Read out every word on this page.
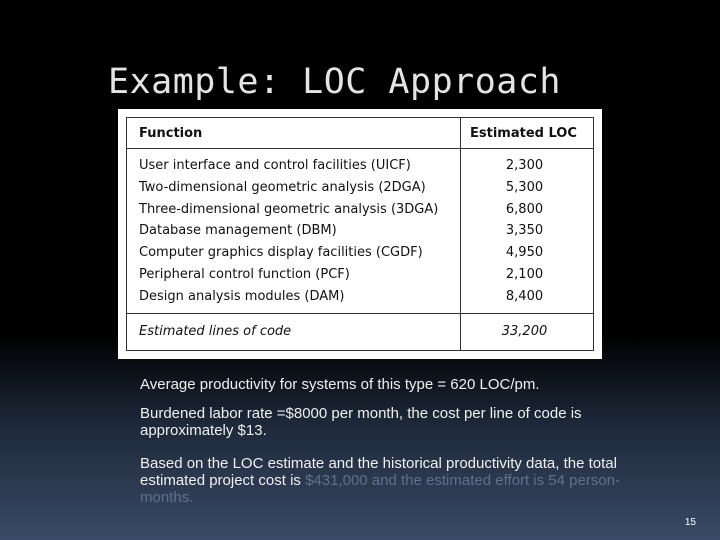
Example: LOC Approach
Function	Estimated LOC
User interface and control facilities (UICF)	2,300
Two-dimensional geometric analysis (2DGA)	5,300
Three-dimensional geometric analysis (3DGA)	6,800
Database management (DBM)	3,350
Computer graphics display facilities (CGDF)	4,950
Peripheral control function (PCF)	2,100
Design analysis modules (DAM)	8,400
Estimated lines of code	33,200
Average productivity for systems of this type = 620 LOC/pm.
Burdened labor rate =$8000 per month, the cost per line of code is approximately $13.
Based on the LOC estimate and the historical productivity data, the total estimated project cost is $431,000 and the estimated effort is 54 person-months.
15
